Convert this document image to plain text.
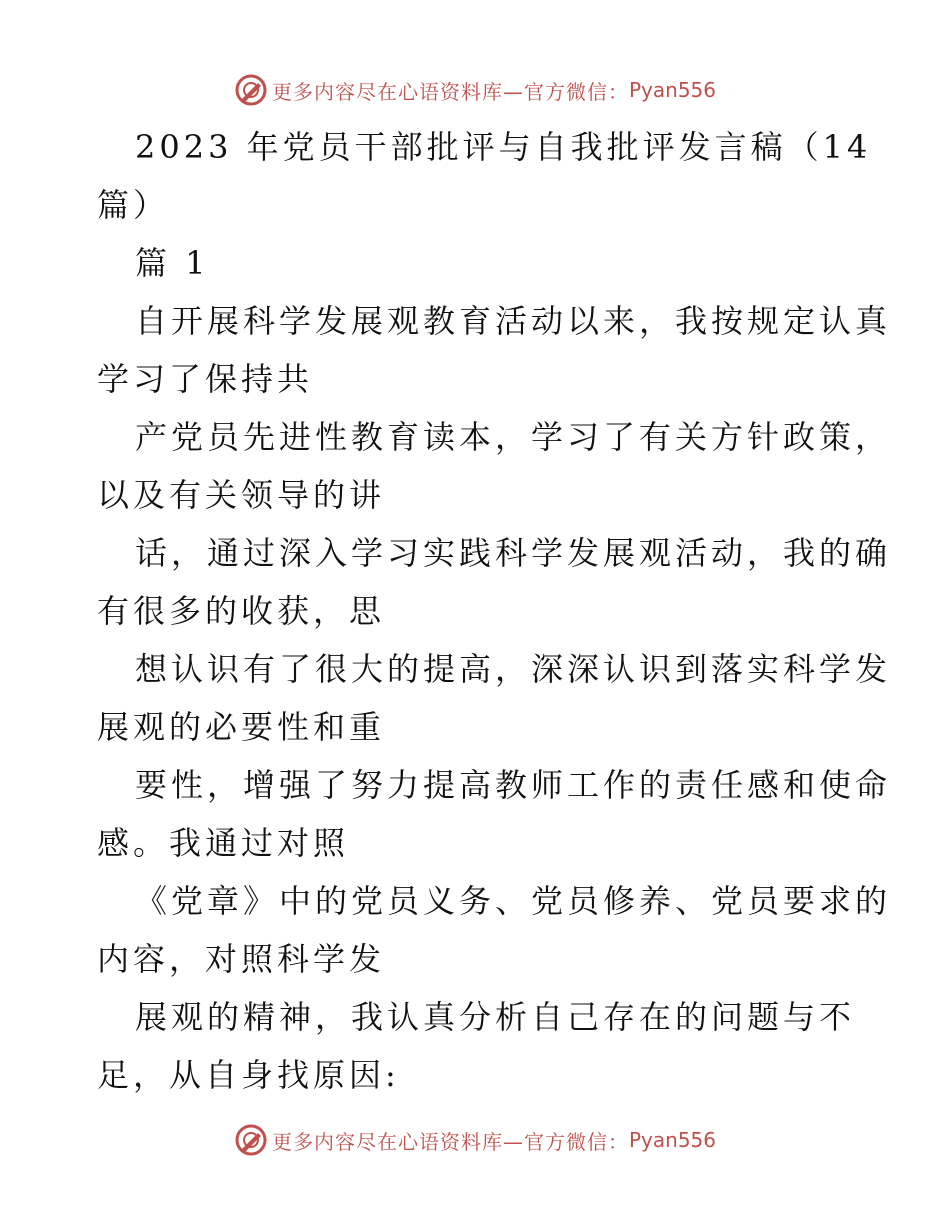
更多内容尽在心语资料库—官方微信： Pyan556
2023 年党员干部批评与自我批评发言稿（14
篇）
篇 1
自开展科学发展观教育活动以来，我按规定认真
学习了保持共
产党员先进性教育读本，学习了有关方针政策，
以及有关领导的讲
话，通过深入学习实践科学发展观活动，我的确
有很多的收获，思
想认识有了很大的提高，深深认识到落实科学发
展观的必要性和重
要性，增强了努力提高教师工作的责任感和使命
感。我通过对照
《党章》中的党员义务、党员修养、党员要求的
内容，对照科学发
展观的精神，我认真分析自己存在的问题与不
足，从自身找原因:
更多内容尽在心语资料库—官方微信： Pyan556
